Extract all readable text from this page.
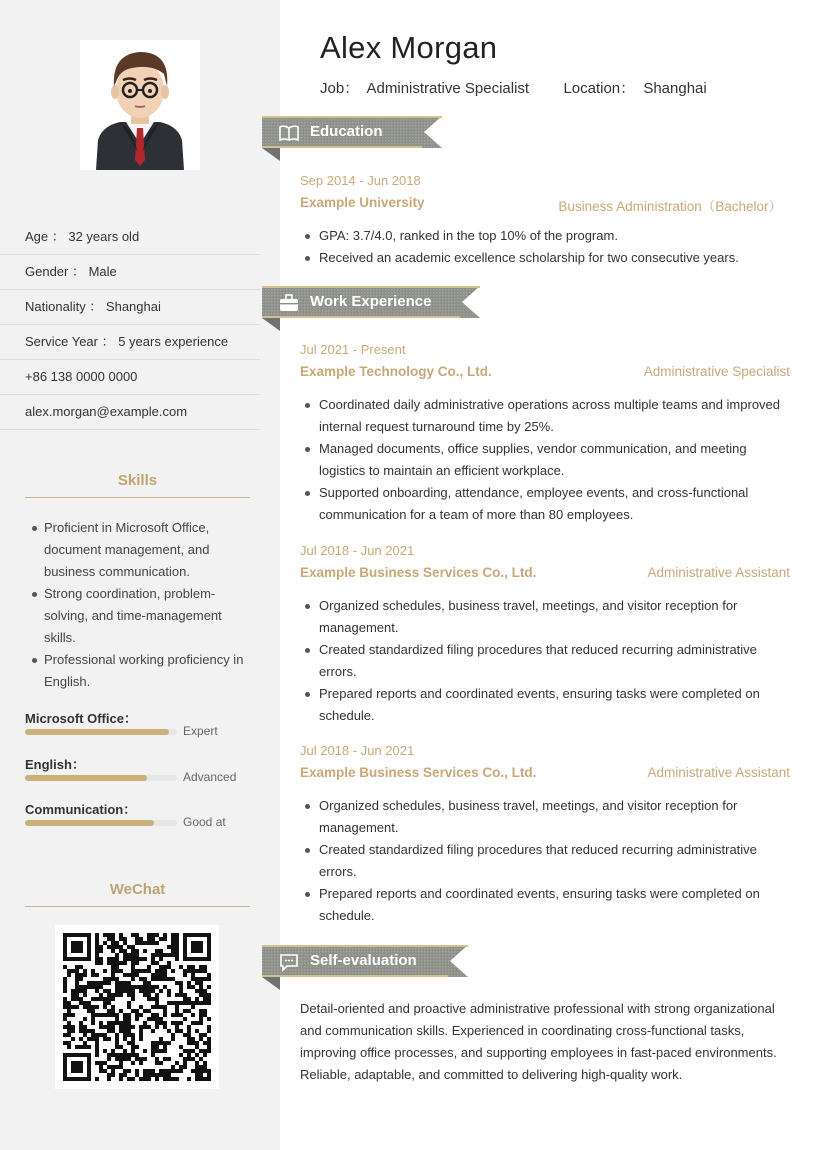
Age ： 32 years old
Gender ： Male
Nationality ： Shanghai
Service Year ： 5 years experience
+86 138 0000 0000
alex.morgan@example.com
Skills
Proficient in Microsoft Office, document management, and business communication.
Strong coordination, problem-solving, and time-management skills.
Professional working proficiency in English.
Microsoft Office：
Expert
English：
Advanced
Communication：
Good at
WeChat
Alex Morgan
Job： Administrative Specialist Location： Shanghai
Education
Sep 2014 - Jun 2018
Example University	Business Administration（Bachelor）
GPA: 3.7/4.0, ranked in the top 10% of the program.
Received an academic excellence scholarship for two consecutive years.
Work Experience
Jul 2021 - Present
Example Technology Co., Ltd.	Administrative Specialist
Coordinated daily administrative operations across multiple teams and improved internal request turnaround time by 25%.
Managed documents, office supplies, vendor communication, and meeting logistics to maintain an efficient workplace.
Supported onboarding, attendance, employee events, and cross-functional communication for a team of more than 80 employees.
Jul 2018 - Jun 2021
Example Business Services Co., Ltd.	Administrative Assistant
Organized schedules, business travel, meetings, and visitor reception for management.
Created standardized filing procedures that reduced recurring administrative errors.
Prepared reports and coordinated events, ensuring tasks were completed on schedule.
Jul 2018 - Jun 2021
Example Business Services Co., Ltd.	Administrative Assistant
Organized schedules, business travel, meetings, and visitor reception for management.
Created standardized filing procedures that reduced recurring administrative errors.
Prepared reports and coordinated events, ensuring tasks were completed on schedule.
Self-evaluation
Detail-oriented and proactive administrative professional with strong organizational and communication skills. Experienced in coordinating cross-functional tasks, improving office processes, and supporting employees in fast-paced environments. Reliable, adaptable, and committed to delivering high-quality work.
